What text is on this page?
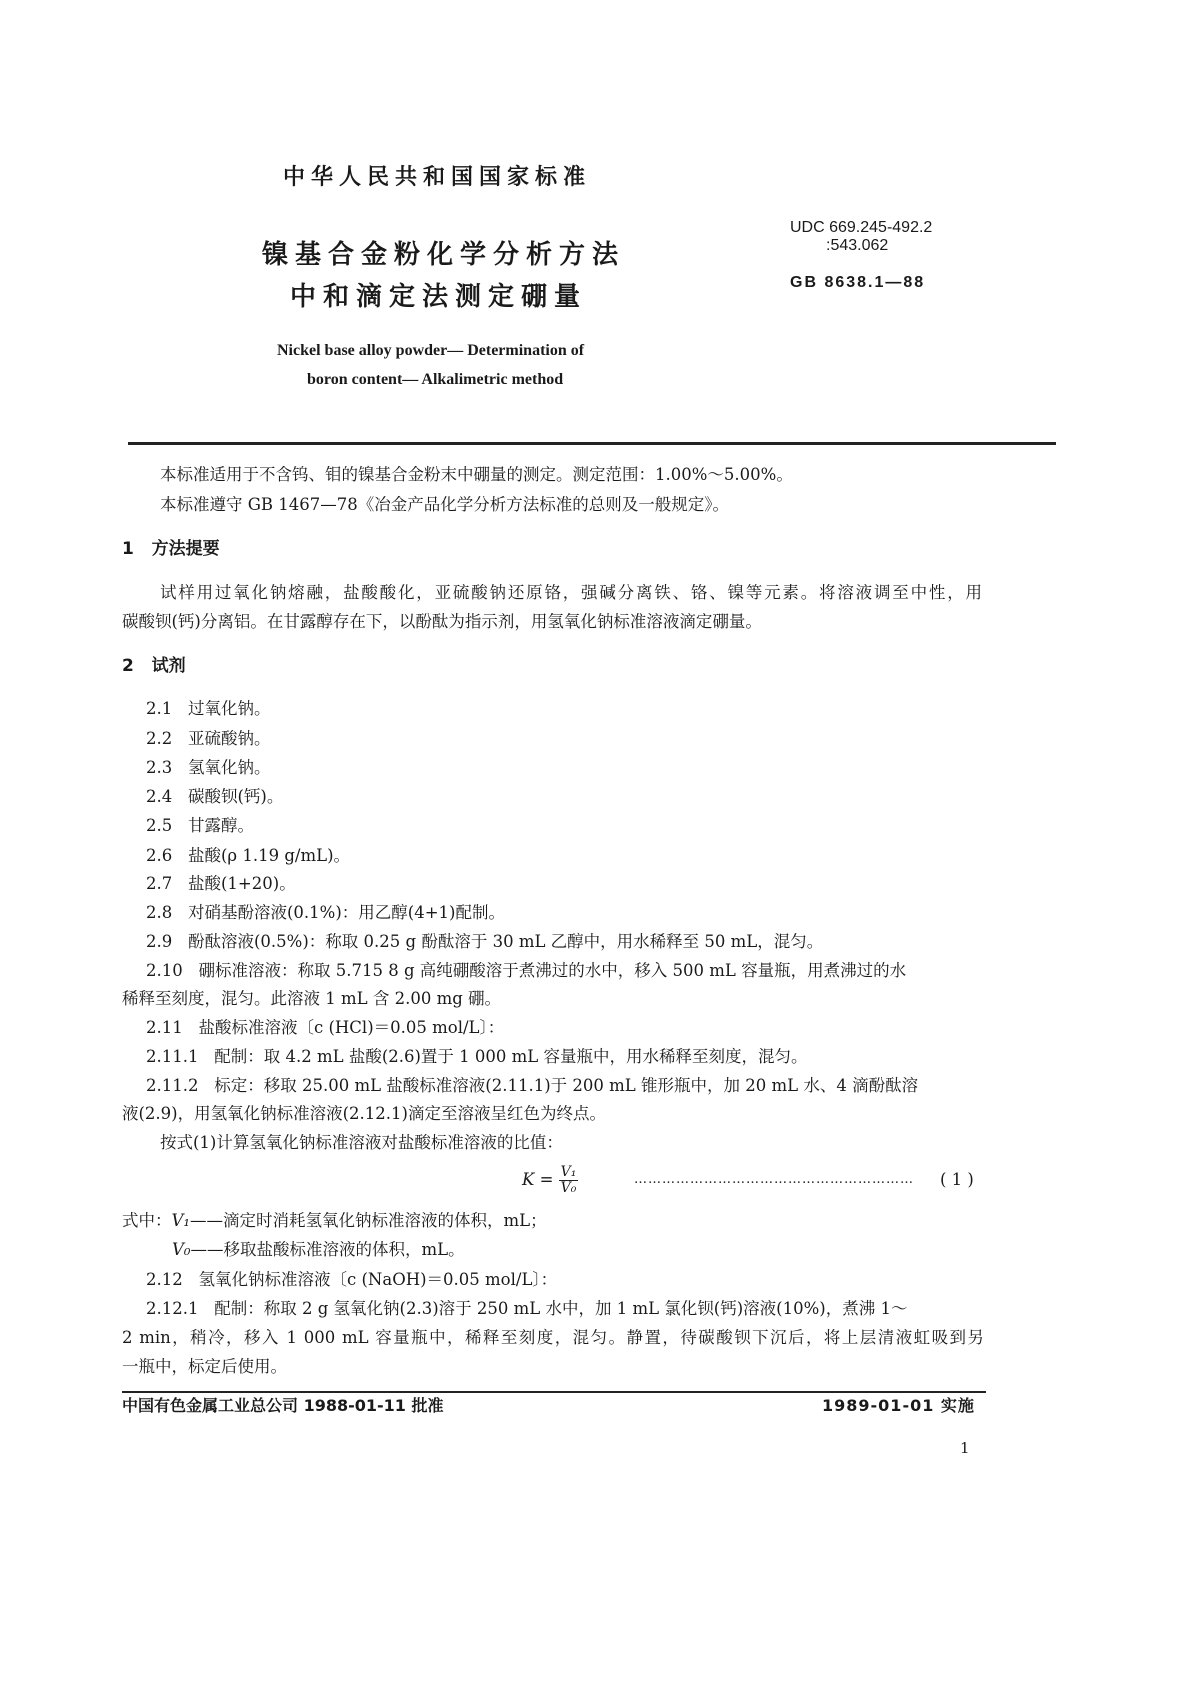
中华人民共和国国家标准
UDC 669.245-492.2
:543.062
GB 8638.1—88
镍基合金粉化学分析方法
中和滴定法测定硼量
Nickel base alloy powder— Determination of
boron content— Alkalimetric method
本标准适用于不含钨、钼的镍基合金粉末中硼量的测定。测定范围：1.00%～5.00%。
本标准遵守 GB 1467—78《冶金产品化学分析方法标准的总则及一般规定》。
1 方法提要
试样用过氧化钠熔融，盐酸酸化，亚硫酸钠还原铬，强碱分离铁、铬、镍等元素。将溶液调至中性，用
碳酸钡(钙)分离铝。在甘露醇存在下，以酚酞为指示剂，用氢氧化钠标准溶液滴定硼量。
2 试剂
2.1 过氧化钠。
2.2 亚硫酸钠。
2.3 氢氧化钠。
2.4 碳酸钡(钙)。
2.5 甘露醇。
2.6 盐酸(ρ 1.19 g/mL)。
2.7 盐酸(1+20)。
2.8 对硝基酚溶液(0.1%)：用乙醇(4+1)配制。
2.9 酚酞溶液(0.5%)：称取 0.25 g 酚酞溶于 30 mL 乙醇中，用水稀释至 50 mL，混匀。
2.10 硼标准溶液：称取 5.715 8 g 高纯硼酸溶于煮沸过的水中，移入 500 mL 容量瓶，用煮沸过的水
稀释至刻度，混匀。此溶液 1 mL 含 2.00 mg 硼。
2.11 盐酸标准溶液〔c (HCl)＝0.05 mol/L〕：
2.11.1 配制：取 4.2 mL 盐酸(2.6)置于 1 000 mL 容量瓶中，用水稀释至刻度，混匀。
2.11.2 标定：移取 25.00 mL 盐酸标准溶液(2.11.1)于 200 mL 锥形瓶中，加 20 mL 水、4 滴酚酞溶
液(2.9)，用氢氧化钠标准溶液(2.12.1)滴定至溶液呈红色为终点。
按式(1)计算氢氧化钠标准溶液对盐酸标准溶液的比值：
$K = \frac{\text{V₁}}{\text{V₀}}$	…………………………………………………… ( 1 )
式中：V₁——滴定时消耗氢氧化钠标准溶液的体积，mL；
V₀——移取盐酸标准溶液的体积，mL。
2.12 氢氧化钠标准溶液〔c (NaOH)＝0.05 mol/L〕：
2.12.1 配制：称取 2 g 氢氧化钠(2.3)溶于 250 mL 水中，加 1 mL 氯化钡(钙)溶液(10%)，煮沸 1～
2 min，稍冷，移入 1 000 mL 容量瓶中，稀释至刻度，混匀。静置，待碳酸钡下沉后，将上层清液虹吸到另
一瓶中，标定后使用。
中国有色金属工业总公司 1988-01-11 批准	1989-01-01 实施
1
